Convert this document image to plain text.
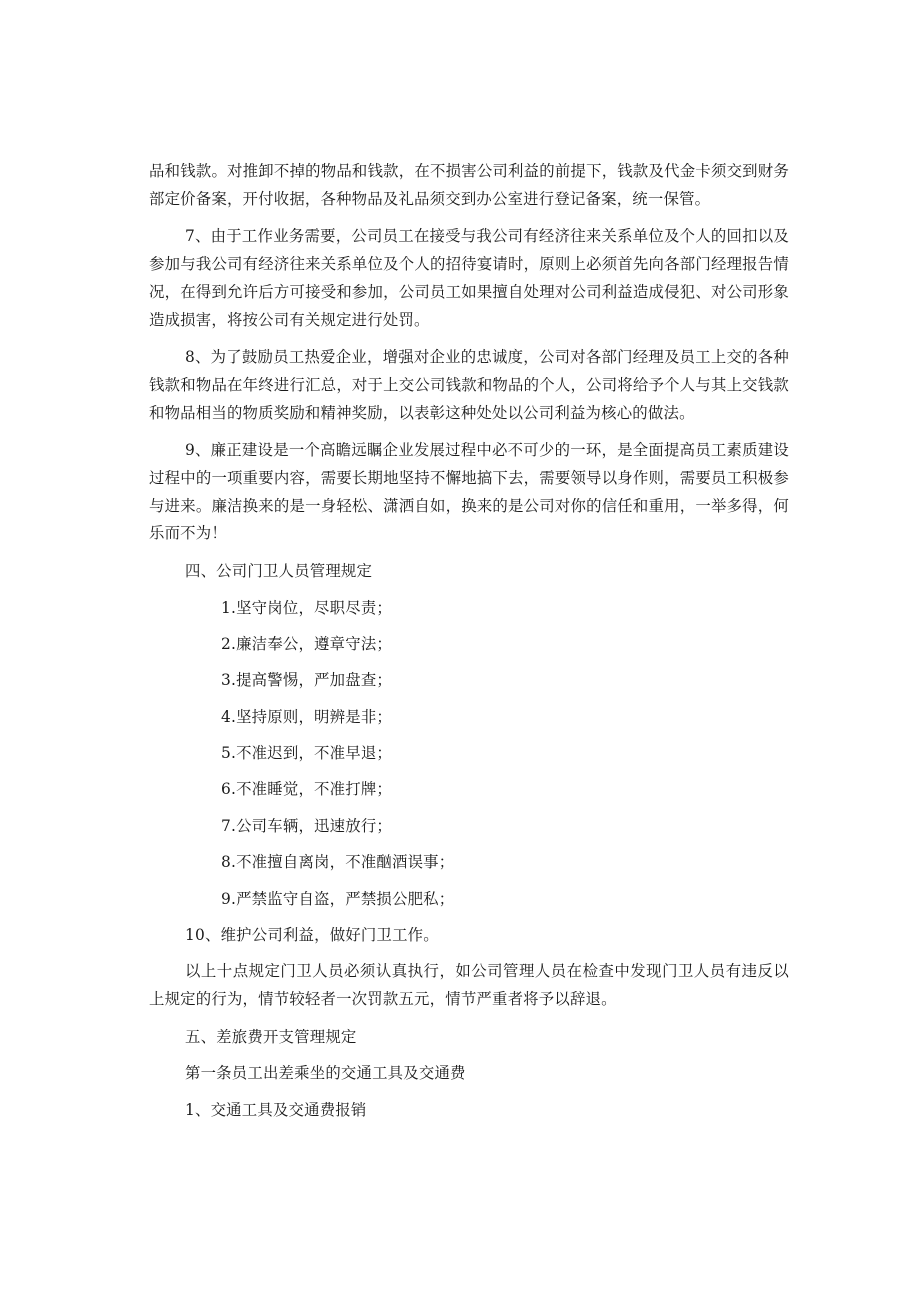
品和钱款。对推卸不掉的物品和钱款，在不损害公司利益的前提下，钱款及代金卡须交到财务部定价备案，开付收据，各种物品及礼品须交到办公室进行登记备案，统一保管。

7、由于工作业务需要，公司员工在接受与我公司有经济往来关系单位及个人的回扣以及参加与我公司有经济往来关系单位及个人的招待宴请时，原则上必须首先向各部门经理报告情况，在得到允许后方可接受和参加，公司员工如果擅自处理对公司利益造成侵犯、对公司形象造成损害，将按公司有关规定进行处罚。

8、为了鼓励员工热爱企业，增强对企业的忠诚度，公司对各部门经理及员工上交的各种钱款和物品在年终进行汇总，对于上交公司钱款和物品的个人，公司将给予个人与其上交钱款和物品相当的物质奖励和精神奖励，以表彰这种处处以公司利益为核心的做法。

9、廉正建设是一个高瞻远瞩企业发展过程中必不可少的一环，是全面提高员工素质建设过程中的一项重要内容，需要长期地坚持不懈地搞下去，需要领导以身作则，需要员工积极参与进来。廉洁换来的是一身轻松、潇洒自如，换来的是公司对你的信任和重用，一举多得，何乐而不为！

四、公司门卫人员管理规定

1.坚守岗位，尽职尽责；

2.廉洁奉公，遵章守法；

3.提高警惕，严加盘查；

4.坚持原则，明辨是非；

5.不准迟到，不准早退；

6.不准睡觉，不准打牌；

7.公司车辆，迅速放行；

8.不准擅自离岗，不准酗酒误事；

9.严禁监守自盗，严禁损公肥私；

10、维护公司利益，做好门卫工作。

以上十点规定门卫人员必须认真执行，如公司管理人员在检查中发现门卫人员有违反以上规定的行为，情节较轻者一次罚款五元，情节严重者将予以辞退。

五、差旅费开支管理规定

第一条员工出差乘坐的交通工具及交通费

1、交通工具及交通费报销
